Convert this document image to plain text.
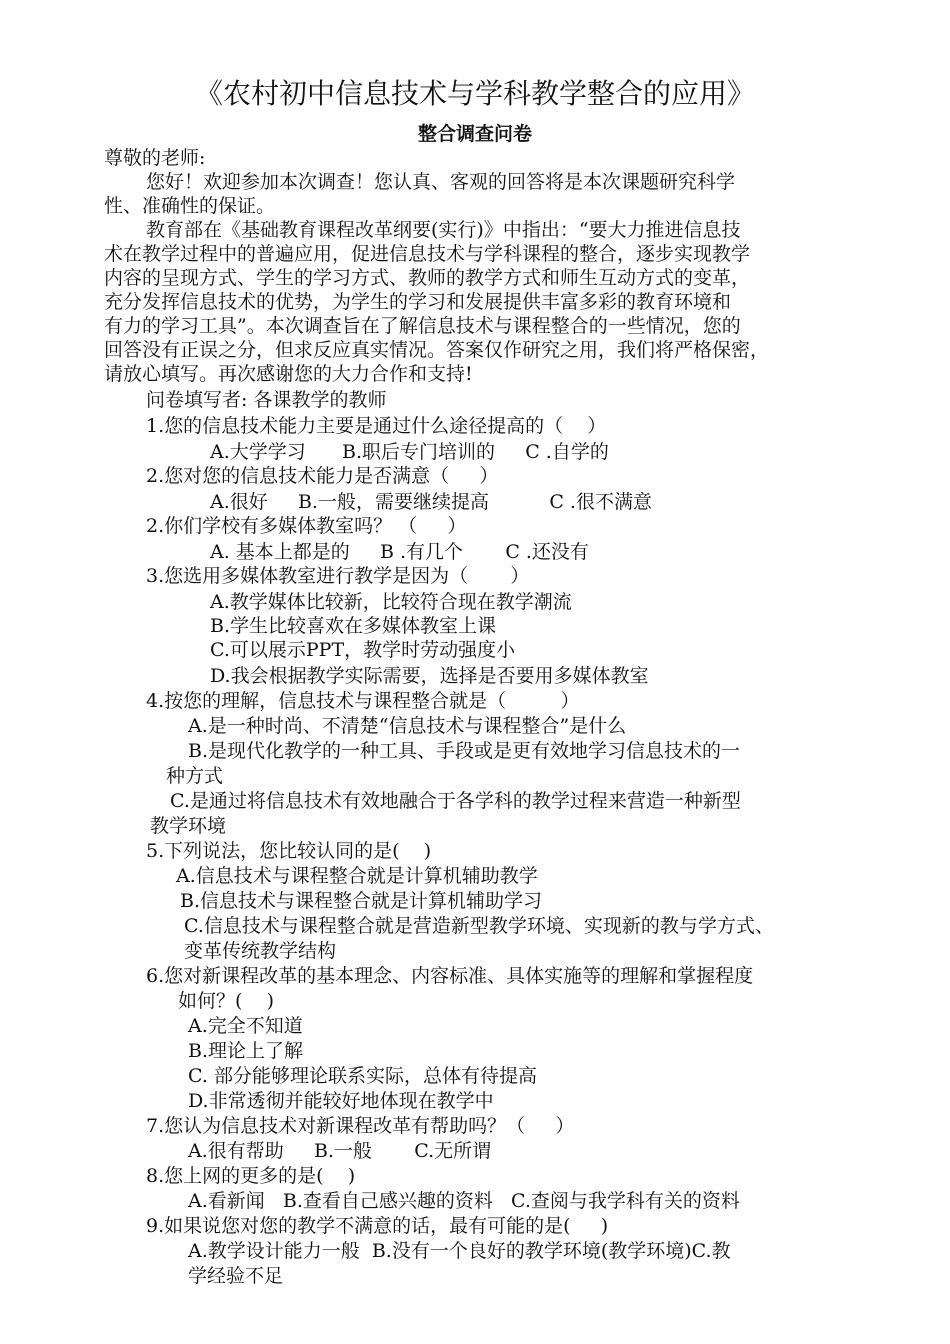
《农村初中信息技术与学科教学整合的应用》
整合调查问卷
尊敬的老师:
您好！欢迎参加本次调查！您认真、客观的回答将是本次课题研究科学
性、准确性的保证。
教育部在《基础教育课程改革纲要(实行)》中指出：“要大力推进信息技
术在教学过程中的普遍应用，促进信息技术与学科课程的整合，逐步实现教学
内容的呈现方式、学生的学习方式、教师的教学方式和师生互动方式的变革，
充分发挥信息技术的优势，为学生的学习和发展提供丰富多彩的教育环境和
有力的学习工具”。本次调查旨在了解信息技术与课程整合的一些情况，您的
回答没有正误之分，但求反应真实情况。答案仅作研究之用，我们将严格保密，
请放心填写。再次感谢您的大力合作和支持!
问卷填写者: 各课教学的教师
1.您的信息技术能力主要是通过什么途径提高的（    ）
A.大学学习      B.职后专门培训的     C .自学的
2.您对您的信息技术能力是否满意（     ）
A.很好     B.一般，需要继续提高          C .很不满意
2.你们学校有多媒体教室吗？ （     ）
A. 基本上都是的     B .有几个       C .还没有
3.您选用多媒体教室进行教学是因为（       ）
A.教学媒体比较新，比较符合现在教学潮流
B.学生比较喜欢在多媒体教室上课
C.可以展示PPT，教学时劳动强度小
D.我会根据教学实际需要，选择是否要用多媒体教室
4.按您的理解，信息技术与课程整合就是（         ）
A.是一种时尚、不清楚“信息技术与课程整合”是什么
B.是现代化教学的一种工具、手段或是更有效地学习信息技术的一
种方式
C.是通过将信息技术有效地融合于各学科的教学过程来营造一种新型
教学环境
5.下列说法，您比较认同的是(    )
A.信息技术与课程整合就是计算机辅助教学
B.信息技术与课程整合就是计算机辅助学习
C.信息技术与课程整合就是营造新型教学环境、实现新的教与学方式、
变革传统教学结构
6.您对新课程改革的基本理念、内容标准、具体实施等的理解和掌握程度
如何？(    )
A.完全不知道
B.理论上了解
C. 部分能够理论联系实际，总体有待提高
D.非常透彻并能较好地体现在教学中
7.您认为信息技术对新课程改革有帮助吗？（     ）
A.很有帮助     B.一般       C.无所谓
8.您上网的更多的是(    )
A.看新闻   B.查看自己感兴趣的资料   C.查阅与我学科有关的资料
9.如果说您对您的教学不满意的话，最有可能的是(     )
A.教学设计能力一般  B.没有一个良好的教学环境(教学环境)C.教
学经验不足
